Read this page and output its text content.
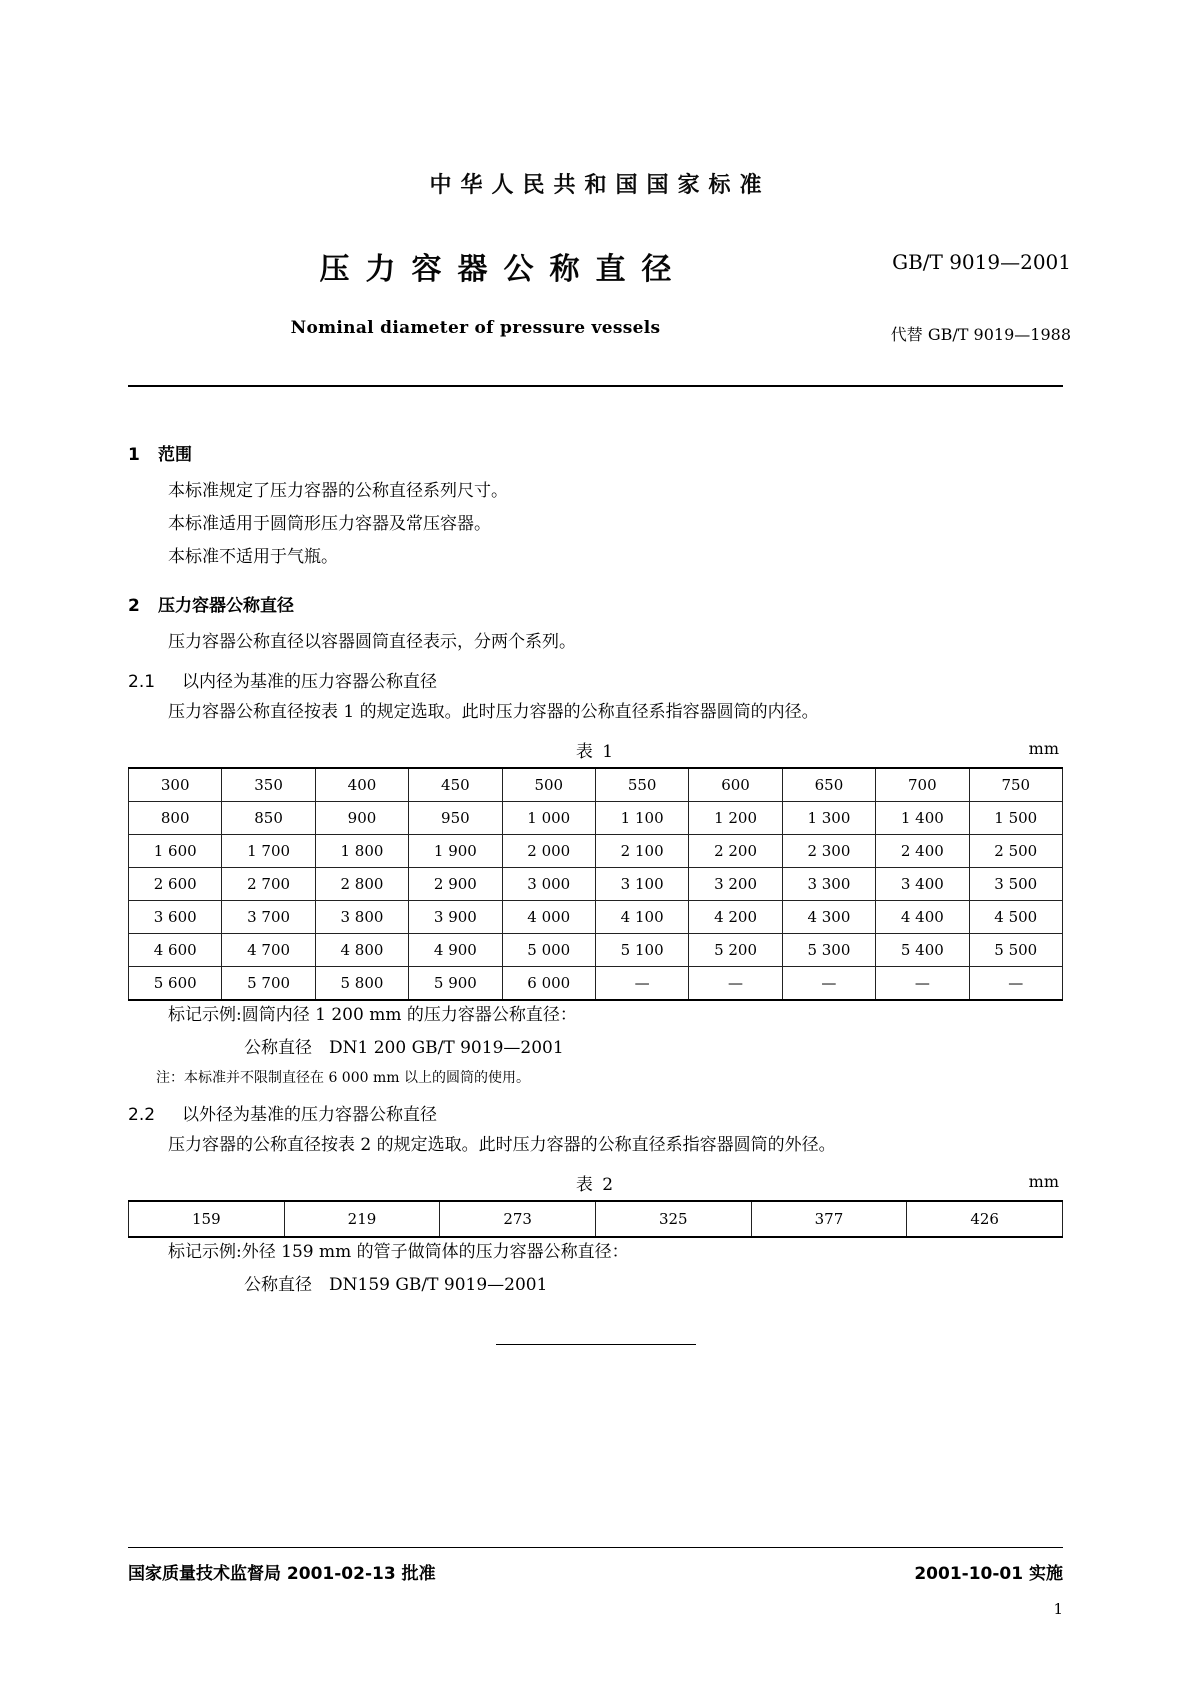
中华人民共和国国家标准
压力容器公称直径	GB/T 9019—2001
Nominal diameter of pressure vessels	代替 GB/T 9019—1988
1 范围

本标准规定了压力容器的公称直径系列尺寸。

本标准适用于圆筒形压力容器及常压容器。

本标准不适用于气瓶。

2 压力容器公称直径

压力容器公称直径以容器圆筒直径表示，分两个系列。

2.1 以内径为基准的压力容器公称直径

压力容器公称直径按表 1 的规定选取。此时压力容器的公称直径系指容器圆筒的内径。

表 1	mm
300	350	400	450	500	550	600	650	700	750
800	850	900	950	1 000	1 100	1 200	1 300	1 400	1 500
1 600	1 700	1 800	1 900	2 000	2 100	2 200	2 300	2 400	2 500
2 600	2 700	2 800	2 900	3 000	3 100	3 200	3 300	3 400	3 500
3 600	3 700	3 800	3 900	4 000	4 100	4 200	4 300	4 400	4 500
4 600	4 700	4 800	4 900	5 000	5 100	5 200	5 300	5 400	5 500
5 600	5 700	5 800	5 900	6 000	—	—	—	—	—

标记示例:圆筒内径 1 200 mm 的压力容器公称直径：

公称直径　DN1 200 GB/T 9019—2001

注：本标准并不限制直径在 6 000 mm 以上的圆筒的使用。

2.2 以外径为基准的压力容器公称直径

压力容器的公称直径按表 2 的规定选取。此时压力容器的公称直径系指容器圆筒的外径。

表 2	mm
159	219	273	325	377	426

标记示例:外径 159 mm 的管子做筒体的压力容器公称直径：

公称直径　DN159 GB/T 9019—2001

国家质量技术监督局 2001‑02‑13 批准	2001‑10‑01 实施
1
